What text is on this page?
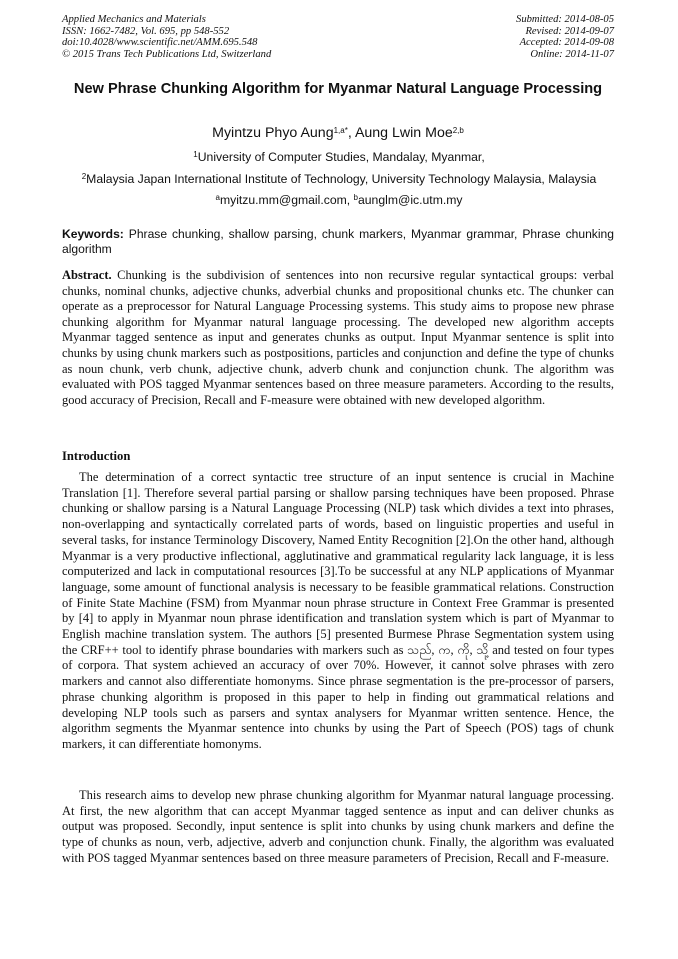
Applied Mechanics and Materials
ISSN: 1662-7482, Vol. 695, pp 548-552
doi:10.4028/www.scientific.net/AMM.695.548
© 2015 Trans Tech Publications Ltd, Switzerland
Submitted: 2014-08-05
Revised: 2014-09-07
Accepted: 2014-09-08
Online: 2014-11-07
New Phrase Chunking Algorithm for Myanmar Natural Language Processing
Myintzu Phyo Aung$^{1,a*}$, Aung Lwin Moe$^{2,b}$
$^1$University of Computer Studies, Mandalay, Myanmar,
$^2$Malaysia Japan International Institute of Technology, University Technology Malaysia, Malaysia
$^a$myitzu.mm@gmail.com, $^b$aunglm@ic.utm.my
Keywords: Phrase chunking, shallow parsing, chunk markers, Myanmar grammar, Phrase chunking algorithm
Abstract. Chunking is the subdivision of sentences into non recursive regular syntactical groups: verbal chunks, nominal chunks, adjective chunks, adverbial chunks and propositional chunks etc. The chunker can operate as a preprocessor for Natural Language Processing systems. This study aims to propose new phrase chunking algorithm for Myanmar natural language processing. The developed new algorithm accepts Myanmar tagged sentence as input and generates chunks as output. Input Myanmar sentence is split into chunks by using chunk markers such as postpositions, particles and conjunction and define the type of chunks as noun chunk, verb chunk, adjective chunk, adverb chunk and conjunction chunk. The algorithm was evaluated with POS tagged Myanmar sentences based on three measure parameters. According to the results, good accuracy of Precision, Recall and F-measure were obtained with new developed algorithm.
Introduction

The determination of a correct syntactic tree structure of an input sentence is crucial in Machine Translation [1]. Therefore several partial parsing or shallow parsing techniques have been proposed. Phrase chunking or shallow parsing is a Natural Language Processing (NLP) task which divides a text into phrases, non-overlapping and syntactically correlated parts of words, based on linguistic properties and useful in several tasks, for instance Terminology Discovery, Named Entity Recognition [2].On the other hand, although Myanmar is a very productive inflectional, agglutinative and grammatical regularity lack language, it is less computerized and lack in computational resources [3].To be successful at any NLP applications of Myanmar language, some amount of functional analysis is necessary to be feasible grammatical relations. Construction of Finite State Machine (FSM) from Myanmar noun phrase structure in Context Free Grammar is presented by [4] to apply in Myanmar noun phrase identification and translation system which is part of Myanmar to English machine translation system. The authors [5] presented Burmese Phrase Segmentation system using the CRF++ tool to identify phrase boundaries with markers such as သည်, က, ကို, သို့ and tested on four types of corpora. That system achieved an accuracy of over 70%. However, it cannot solve phrases with zero markers and cannot also differentiate homonyms. Since phrase segmentation is the pre-processor of parsers, phrase chunking algorithm is proposed in this paper to help in finding out grammatical relations and developing NLP tools such as parsers and syntax analysers for Myanmar written sentence. Hence, the algorithm segments the Myanmar sentence into chunks by using the Part of Speech (POS) tags of chunk markers, it can differentiate homonyms.

This research aims to develop new phrase chunking algorithm for Myanmar natural language processing. At first, the new algorithm that can accept Myanmar tagged sentence as input and can deliver chunks as output was proposed. Secondly, input sentence is split into chunks by using chunk markers and define the type of chunks as noun, verb, adjective, adverb and conjunction chunk. Finally, the algorithm was evaluated with POS tagged Myanmar sentences based on three measure parameters of Precision, Recall and F-measure.
